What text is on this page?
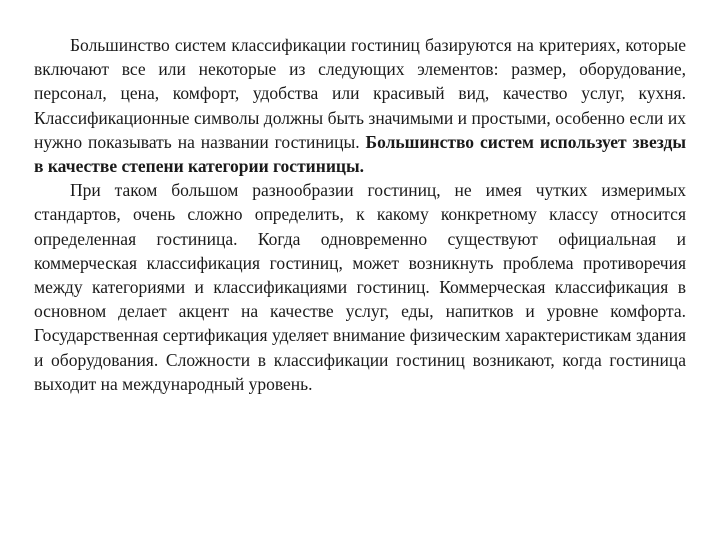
Большинство систем классификации гостиниц базируются на критериях, которые включают все или некоторые из следующих элементов: размер, оборудование, персонал, цена, комфорт, удобства или красивый вид, качество услуг, кухня. Классификационные символы должны быть значимыми и простыми, особенно если их нужно показывать на названии гостиницы. Большинство систем использует звезды в качестве степени категории гостиницы.

При таком большом разнообразии гостиниц, не имея чутких измеримых стандартов, очень сложно определить, к какому конкретному классу относится определенная гостиница. Когда одновременно существуют официальная и коммерческая классификация гостиниц, может возникнуть проблема противоречия между категориями и классификациями гостиниц. Коммерческая классификация в основном делает акцент на качестве услуг, еды, напитков и уровне комфорта. Государственная сертификация уделяет внимание физическим характеристикам здания и оборудования. Сложности в классификации гостиниц возникают, когда гостиница выходит на международный уровень.
